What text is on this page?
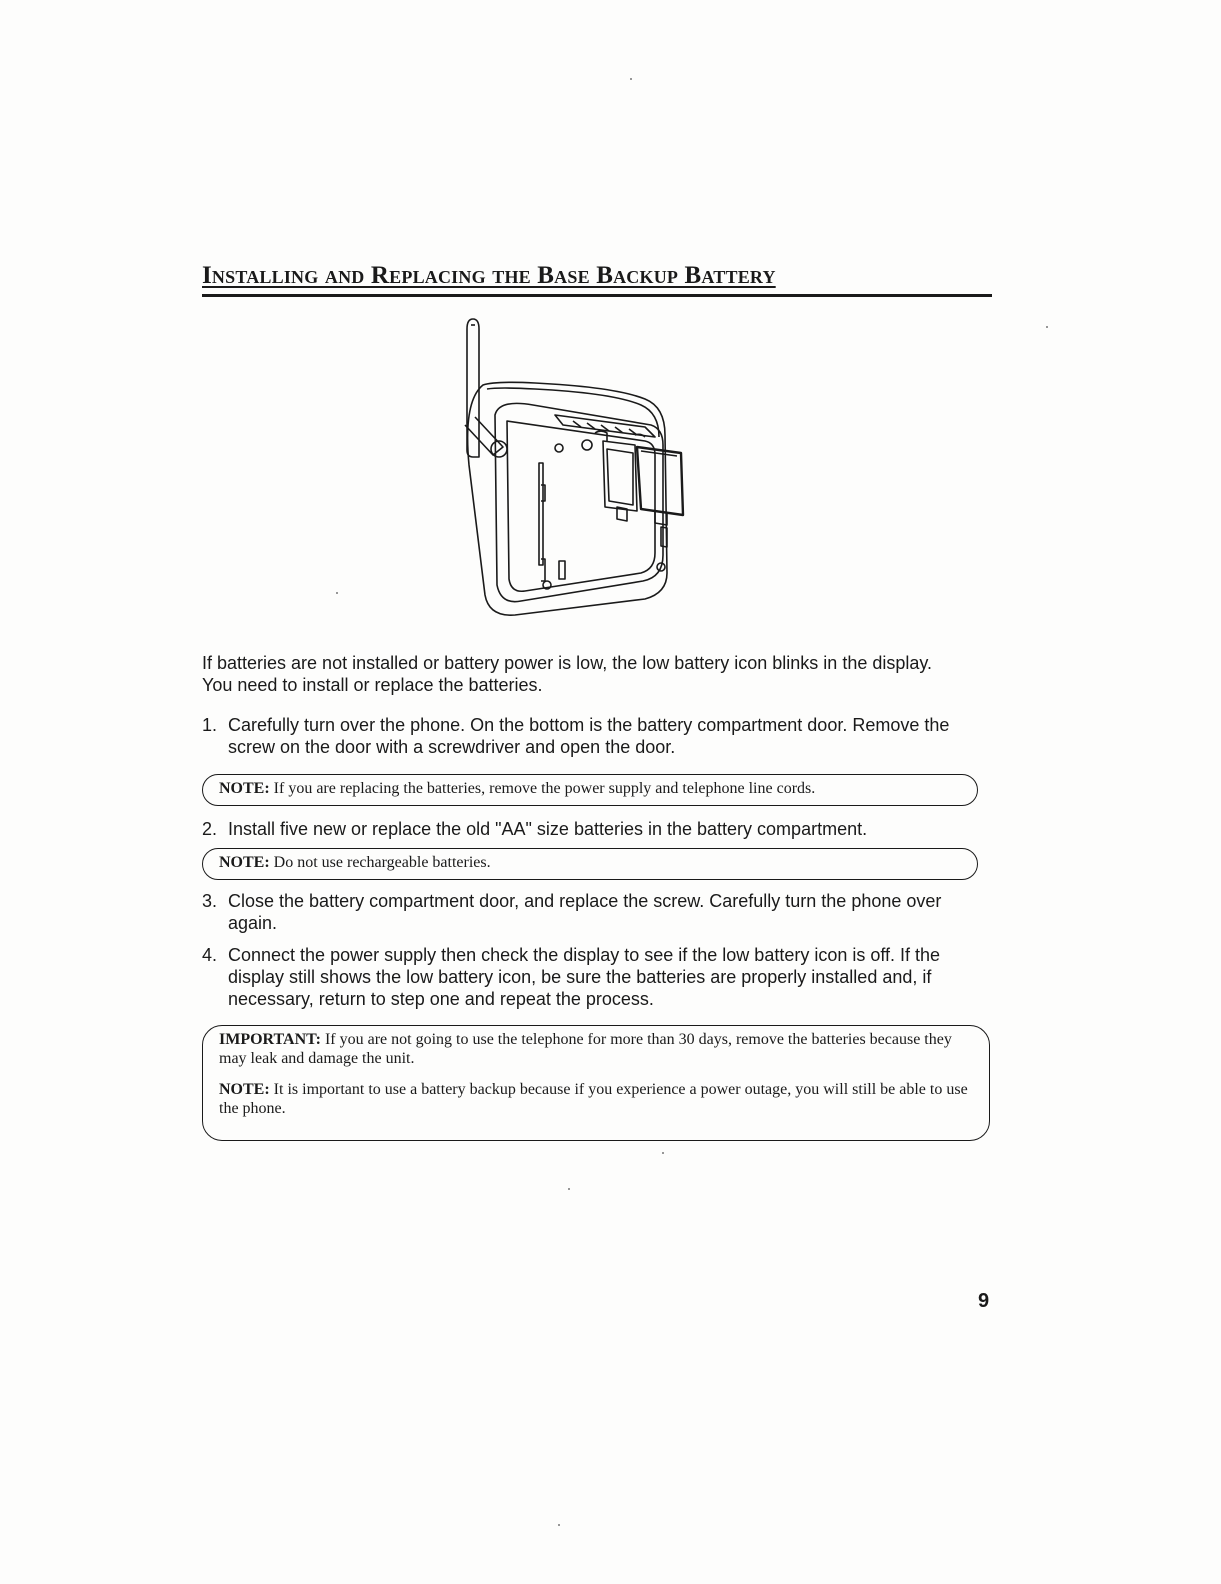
Installing and Replacing the Base Backup Battery
If batteries are not installed or battery power is low, the low battery icon blinks in the display. You need to install or replace the batteries.
1. Carefully turn over the phone. On the bottom is the battery compartment door. Remove the screw on the door with a screwdriver and open the door.
NOTE: If you are replacing the batteries, remove the power supply and telephone line cords.
2. Install five new or replace the old "AA" size batteries in the battery compartment.
NOTE: Do not use rechargeable batteries.
3. Close the battery compartment door, and replace the screw. Carefully turn the phone over again.
4. Connect the power supply then check the display to see if the low battery icon is off. If the display still shows the low battery icon, be sure the batteries are properly installed and, if necessary, return to step one and repeat the process.

IMPORTANT: If you are not going to use the telephone for more than 30 days, remove the batteries because they may leak and damage the unit.

NOTE: It is important to use a battery backup because if you experience a power outage, you will still be able to use the phone.

9
